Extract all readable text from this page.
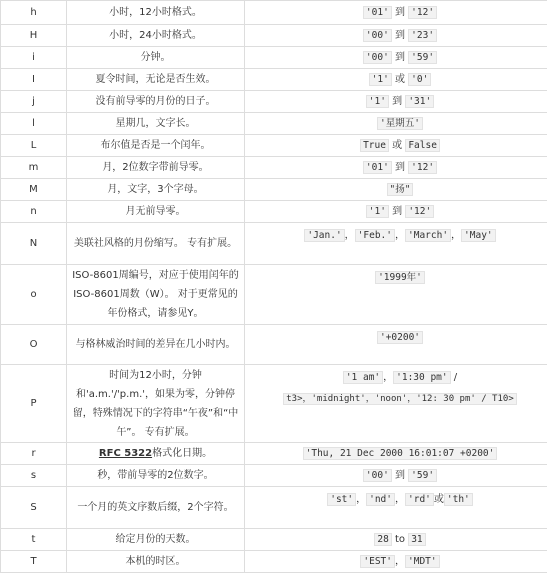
h	小时，12小时格式。	'01' 到 '12'
H	小时，24小时格式。	'00' 到 '23'
i	分钟。	'00' 到 '59'
I	夏令时间，无论是否生效。	'1' 或 '0'
j	没有前导零的月份的日子。	'1' 到 '31'
l	星期几，文字长。	'星期五'
L	布尔值是否是一个闰年。	True 或 False
m	月，2位数字带前导零。	'01' 到 '12'
M	月，文字，3个字母。	"扬"
n	月无前导零。	'1' 到 '12'
N	美联社风格的月份缩写。 专有扩展。	'Jan.' ， 'Feb.' ， 'March' ， 'May'
o	ISO-8601周编号，对应于使用闰年的ISO-8601周数（W）。 对于更常见的年份格式，请参见Y。	'1999年'
O	与格林威治时间的差异在几小时内。	'+0200'
P	时间为12小时，分钟和'a.m.'/'p.m.'，如果为零，分钟停留，特殊情况下的字符串“午夜”和“中午”。 专有扩展。	'1 am' ， '1:30 pm' /
t3>，'midnight'，'noon'，'12: 30 pm' / T10>

r	RFC 5322格式化日期。	'Thu, 21 Dec 2000 16:01:07 +0200'
s	秒，带前导零的2位数字。	'00' 到 '59'
S	一个月的英文序数后缀，2个字符。	'st' ， 'nd' ， 'rd' 或 'th'
t	给定月份的天数。	28 to 31
T	本机的时区。	'EST' ， 'MDT'
